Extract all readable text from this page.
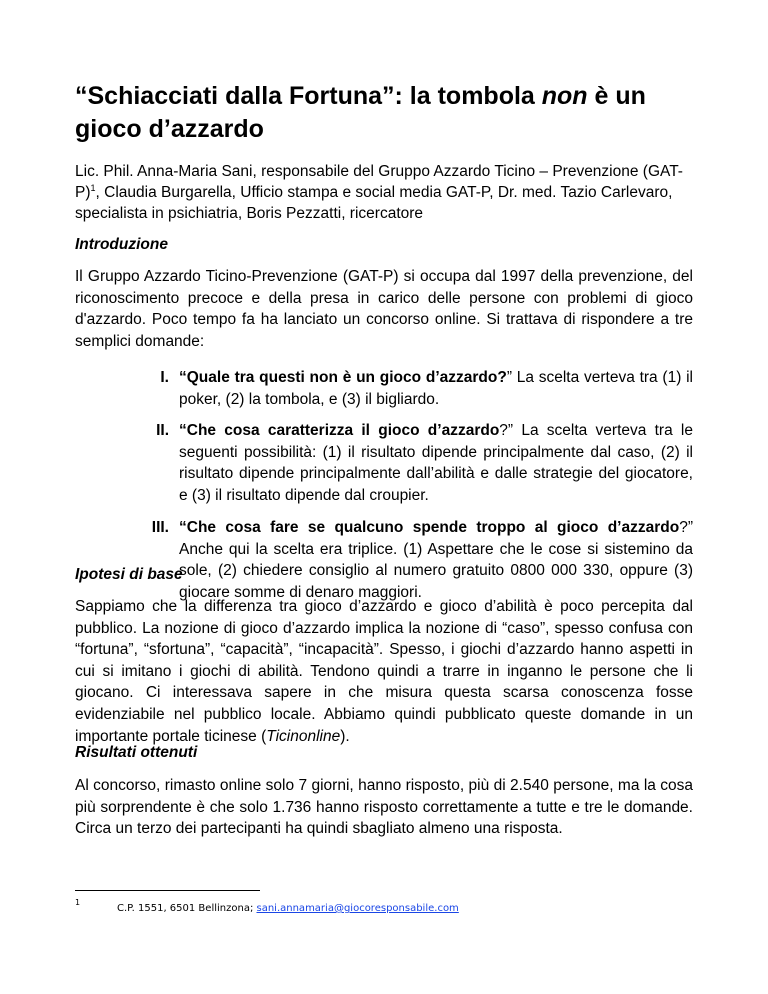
“Schiacciati dalla Fortuna”: la tombola non è un gioco d’azzardo
Lic. Phil. Anna-Maria Sani, responsabile del Gruppo Azzardo Ticino – Prevenzione $(GAT-P)^1$, Claudia Burgarella, Ufficio stampa e social media GAT-P, Dr. med. Tazio Carlevaro, specialista in psichiatria, Boris Pezzatti, ricercatore
Introduzione

Il Gruppo Azzardo Ticino-Prevenzione (GAT-P) si occupa dal 1997 della prevenzione, del riconoscimento precoce e della presa in carico delle persone con problemi di gioco d'azzardo. Poco tempo fa ha lanciato un concorso online. Si trattava di rispondere a tre semplici domande:

I. “Quale tra questi non è un gioco d’azzardo?” La scelta verteva tra (1) il poker, (2) la tombola, e (3) il bigliardo.
II. “Che cosa caratterizza il gioco d’azzardo?” La scelta verteva tra le seguenti possibilità: (1) il risultato dipende principalmente dal caso, (2) il risultato dipende principalmente dall’abilità e dalle strategie del giocatore, e (3) il risultato dipende dal croupier.
III. “Che cosa fare se qualcuno spende troppo al gioco d’azzardo?” Anche qui la scelta era triplice. (1) Aspettare che le cose si sistemino da sole, (2) chiedere consiglio al numero gratuito 0800 000 330, oppure (3) giocare somme di denaro maggiori.
Ipotesi di base

Sappiamo che la differenza tra gioco d’azzardo e gioco d’abilità è poco percepita dal pubblico. La nozione di gioco d’azzardo implica la nozione di “caso”, spesso confusa con “fortuna”, “sfortuna”, “capacità”, “incapacità”. Spesso, i giochi d’azzardo hanno aspetti in cui si imitano i giochi di abilità. Tendono quindi a trarre in inganno le persone che li giocano. Ci interessava sapere in che misura questa scarsa conoscenza fosse evidenziabile nel pubblico locale. Abbiamo quindi pubblicato queste domande in un importante portale ticinese (Ticinonline).

Risultati ottenuti

Al concorso, rimasto online solo 7 giorni, hanno risposto, più di 2.540 persone, ma la cosa più sorprendente è che solo 1.736 hanno risposto correttamente a tutte e tre le domande. Circa un terzo dei partecipanti ha quindi sbagliato almeno una risposta.

1
C.P. 1551, 6501 Bellinzona; sani.annamaria@giocoresponsabile.com
